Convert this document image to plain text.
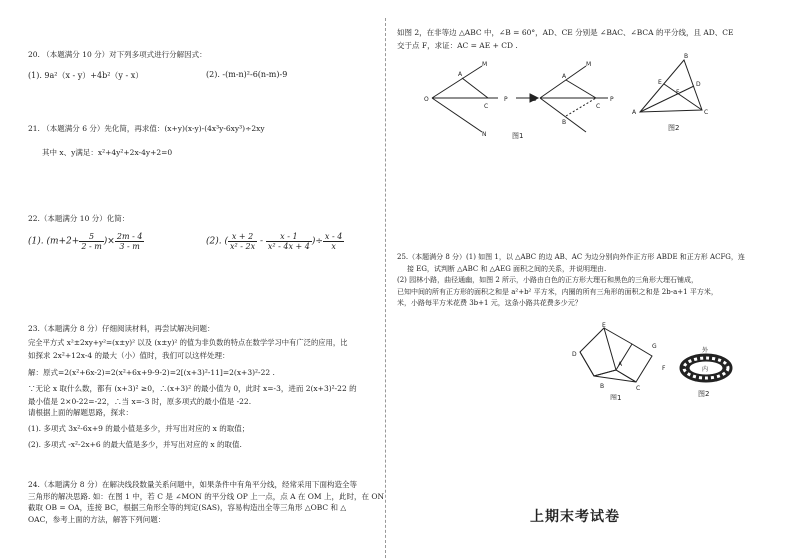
20. （本题满分 10 分）对下列多项式进行分解因式：
(1). 9a²（x - y）+4b²（y - x）	(2). -(m-n)²-6(n-m)-9
21. （本题满分 6 分）先化简，再求值：(x+y)(x-y)-(4x³y-6xy³)÷2xy
其中 x、y满足：x²+4y²+2x-4y+2=0
22.（本题满分 10 分）化简：
(1). ($m+2+ \frac{5}{2 - m}$ )× $\frac{2m - 4}{3 - m}$	(2). ( $\frac{x + 2}{\text{x² - 2x}} - \frac{x - 1}{\text{x² - 4x + 4}}$ )÷ $\frac{x - 4}{x}$

23.（本题满分 8 分）仔细阅读材料，再尝试解决问题：

完全平方式 x²±2xy+y²=(x±y)² 以及 (x±y)² 的值为非负数的特点在数学学习中有广泛的应用，比

如探求 2x²+12x-4 的最大（小）值时，我们可以这样处理：

解：原式=2(x²+6x-2)=2(x²+6x+9-9-2)=2[(x+3)²-11]=2(x+3)²-22 .

∵无论 x 取什么数，都有 (x+3)² ≥0，∴(x+3)² 的最小值为 0，此时 x=-3，进而 2(x+3)²-22 的

最小值是 2×0-22=-22，∴当 x=-3 时，原多项式的最小值是 -22.

请根据上面的解题思路，探求：

(1). 多项式 3x²-6x+9 的最小值是多少，并写出对应的 x 的取值；

(2). 多项式 -x²-2x+6 的最大值是多少，并写出对应的 x 的取值.

24.（本题满分 8 分）在解决线段数量关系问题中，如果条件中有角平分线，经常采用下面构造全等

三角形的解决思路. 如：在图 1 中，若 C 是 ∠MON 的平分线 OP 上一点，点 A 在 OM 上，此时，在 ON

截取 OB = OA，连接 BC，根据三角形全等的判定(SAS)，容易构造出全等三角形 △OBC 和 △

OAC，参考上面的方法，解答下列问题：

如图 2，在非等边 △ABC 中，∠B = 60°，AD、CE 分别是 ∠BAC、∠BCA 的平分线，且 AD、CE

交于点 F，求证：AC = AE + CD .

O
A
M
C
N
P	O
A
M
C
B
P
图1
B
A	C
E	D
F
图2

25.（本题满分 8 分）(1) 如图 1，以 △ABC 的边 AB、AC 为边分别向外作正方形 ABDE 和正方形 ACFG，连

接 EG，试判断 △ABC 和 △AEG 面积之间的关系，并说明理由.

(2) 园林小路，曲径通幽，如图 2 所示，小路由白色的正方形大理石和黑色的三角形大理石铺成，

已知中间的所有正方形的面积之和是 a²+b² 平方米，内圈的所有三角形的面积之和是 2b-a+1 平方米，

米，小路每平方米花费 3b+1 元，这条小路共花费多少元？

E
D
A
G
F
B	C
图1
外
内
图2
上期末考试卷
